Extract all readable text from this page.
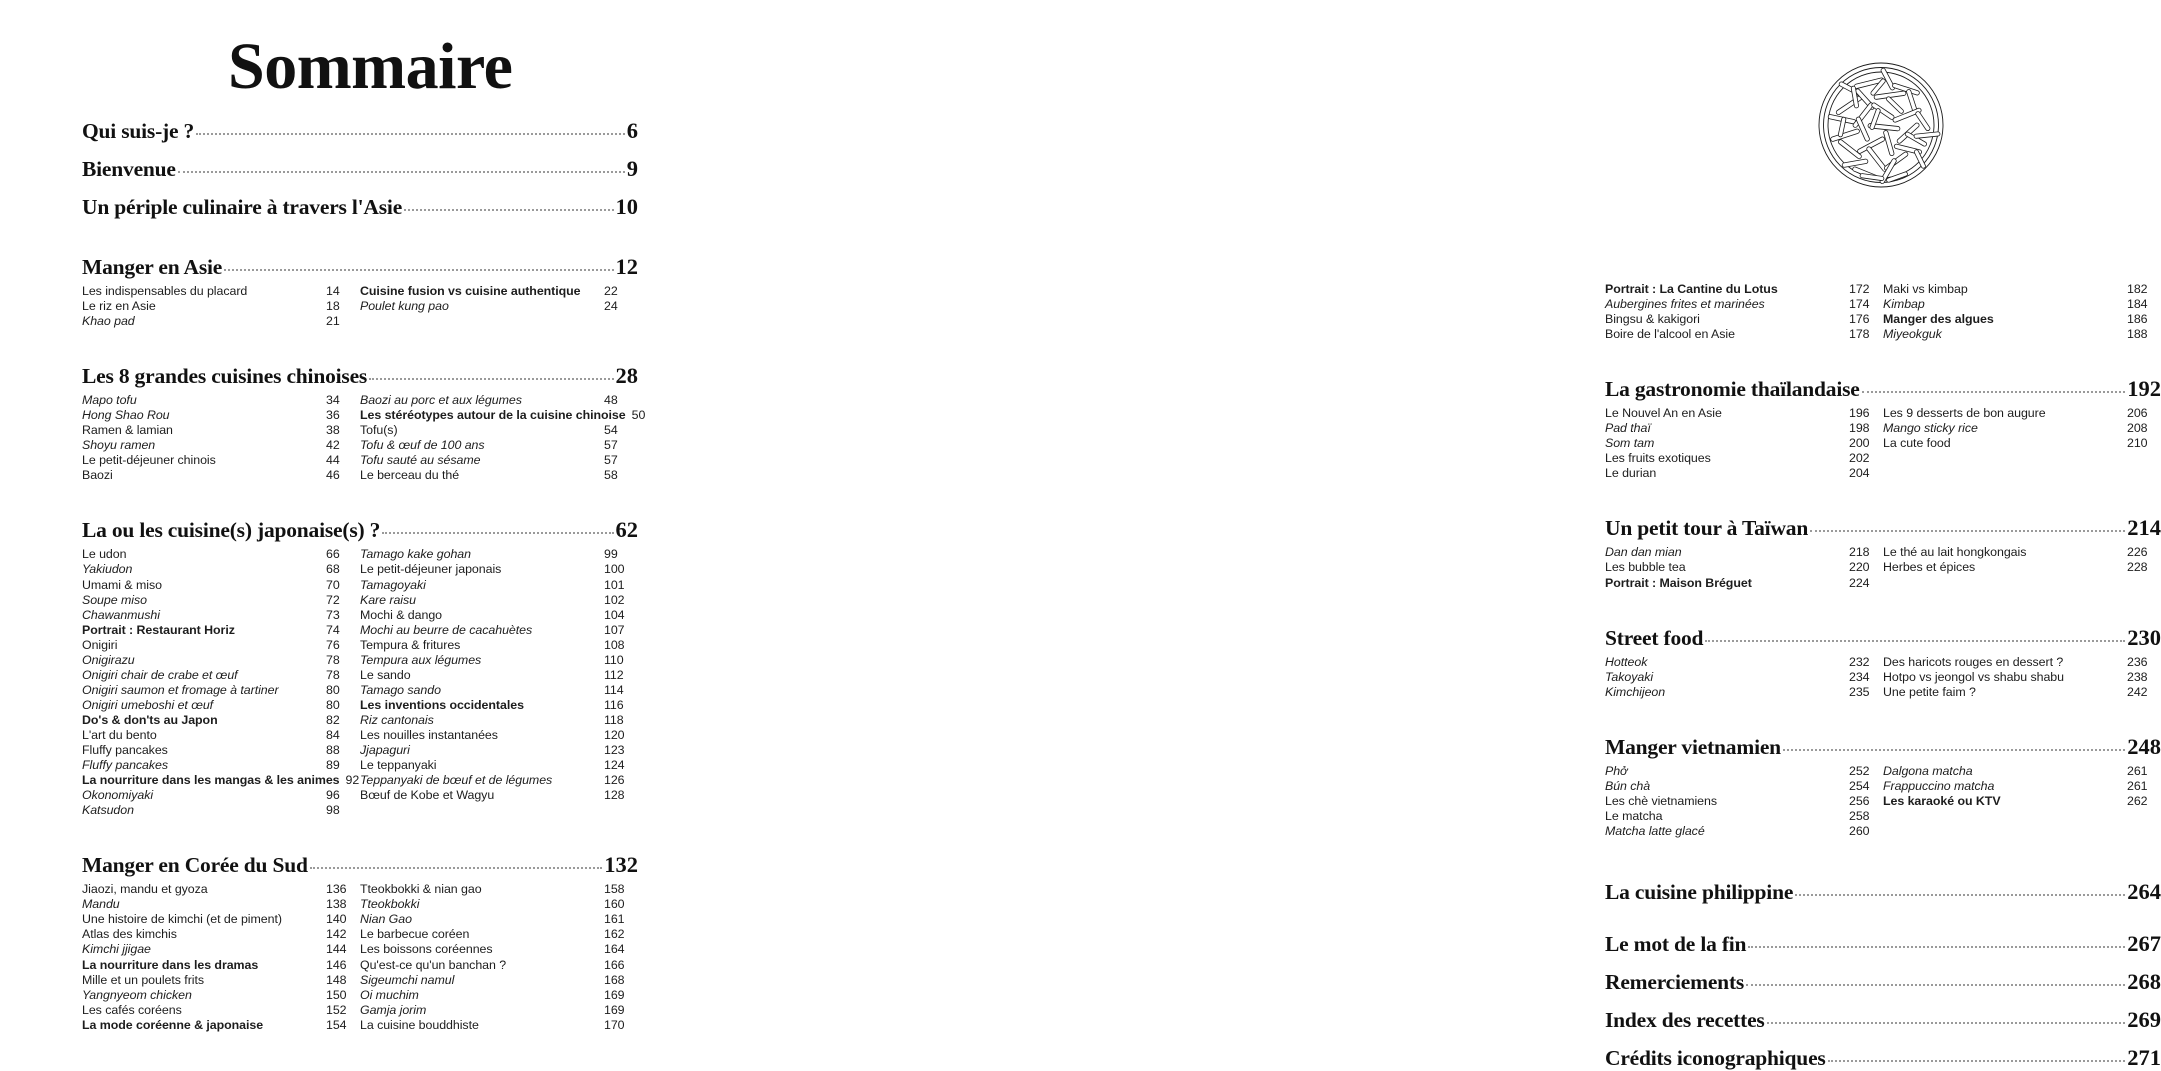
Sommaire
Qui suis-je ?	6
Bienvenue	9
Un périple culinaire à travers l'Asie	10
Manger en Asie	12
Les indispensables du placard	14
Le riz en Asie	18
Khao pad	21
Cuisine fusion vs cuisine authentique	22
Poulet kung pao	24
Les 8 grandes cuisines chinoises	28
Mapo tofu	34
Hong Shao Rou	36
Ramen & lamian	38
Shoyu ramen	42
Le petit-déjeuner chinois	44
Baozi	46
Baozi au porc et aux légumes	48
Les stéréotypes autour de la cuisine chinoise 50
Tofu(s)	54
Tofu & œuf de 100 ans	57
Tofu sauté au sésame	57
Le berceau du thé	58
La ou les cuisine(s) japonaise(s) ?	62
Le udon	66
Yakiudon	68
Umami & miso	70
Soupe miso	72
Chawanmushi	73
Portrait : Restaurant Horiz	74
Onigiri	76
Onigirazu	78
Onigiri chair de crabe et œuf	78
Onigiri saumon et fromage à tartiner	80
Onigiri umeboshi et œuf	80
Do's & don'ts au Japon	82
L'art du bento	84
Fluffy pancakes	88
Fluffy pancakes	89
La nourriture dans les mangas & les animes 92
Okonomiyaki	96
Katsudon	98
Tamago kake gohan	99
Le petit-déjeuner japonais	100
Tamagoyaki	101
Kare raisu	102
Mochi & dango	104
Mochi au beurre de cacahuètes	107
Tempura & fritures	108
Tempura aux légumes	110
Le sando	112
Tamago sando	114
Les inventions occidentales	116
Riz cantonais	118
Les nouilles instantanées	120
Jjapaguri	123
Le teppanyaki	124
Teppanyaki de bœuf et de légumes	126
Bœuf de Kobe et Wagyu	128
Manger en Corée du Sud	132
Jiaozi, mandu et gyoza	136
Mandu	138
Une histoire de kimchi (et de piment)	140
Atlas des kimchis	142
Kimchi jjigae	144
La nourriture dans les dramas	146
Mille et un poulets frits	148
Yangnyeom chicken	150
Les cafés coréens	152
La mode coréenne & japonaise	154
Tteokbokki & nian gao	158
Tteokbokki	160
Nian Gao	161
Le barbecue coréen	162
Les boissons coréennes	164
Qu'est-ce qu'un banchan ?	166
Sigeumchi namul	168
Oi muchim	169
Gamja jorim	169
La cuisine bouddhiste	170
Portrait : La Cantine du Lotus	172
Aubergines frites et marinées	174
Bingsu & kakigori	176
Boire de l'alcool en Asie	178
Maki vs kimbap	182
Kimbap	184
Manger des algues	186
Miyeokguk	188
La gastronomie thaïlandaise	192
Le Nouvel An en Asie	196
Pad thaï	198
Som tam	200
Les fruits exotiques	202
Le durian	204
Les 9 desserts de bon augure	206
Mango sticky rice	208
La cute food	210
Un petit tour à Taïwan	214
Dan dan mian	218
Les bubble tea	220
Portrait : Maison Bréguet	224
Le thé au lait hongkongais	226
Herbes et épices	228
Street food	230
Hotteok	232
Takoyaki	234
Kimchijeon	235
Des haricots rouges en dessert ?	236
Hotpo vs jeongol vs shabu shabu	238
Une petite faim ?	242
Manger vietnamien	248
Phở	252
Bún chà	254
Les chè vietnamiens	256
Le matcha	258
Matcha latte glacé	260
Dalgona matcha	261
Frappuccino matcha	261
Les karaoké ou KTV	262
La cuisine philippine	264
Le mot de la fin	267
Remerciements	268
Index des recettes	269
Crédits iconographiques	271
